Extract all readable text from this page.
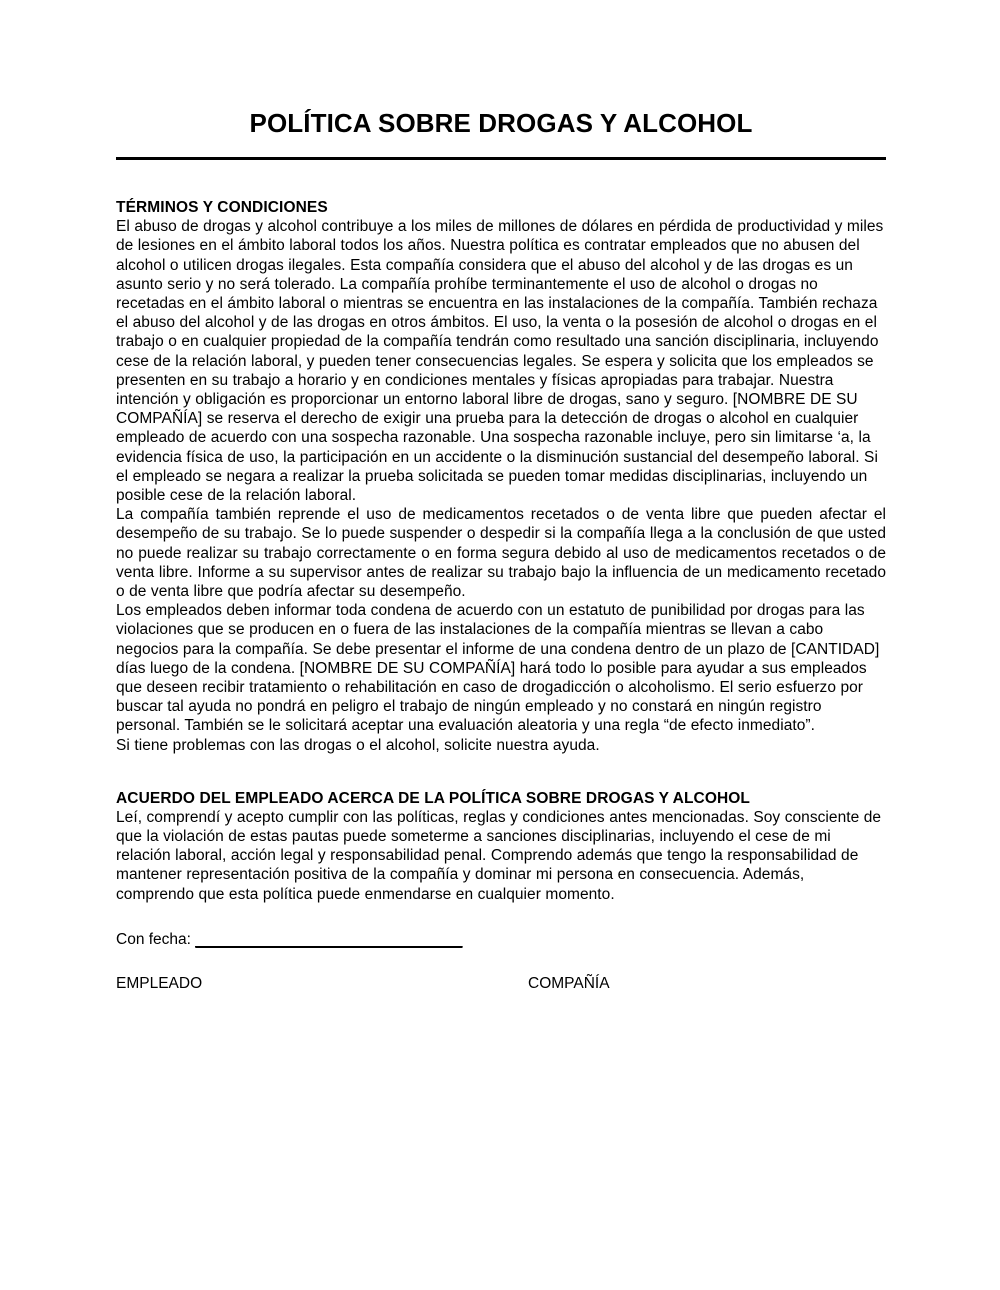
POLÍTICA SOBRE DROGAS Y ALCOHOL
TÉRMINOS Y CONDICIONES

El abuso de drogas y alcohol contribuye a los miles de millones de dólares en pérdida de productividad y miles de lesiones en el ámbito laboral todos los años. Nuestra política es contratar empleados que no abusen del alcohol o utilicen drogas ilegales. Esta compañía considera que el abuso del alcohol y de las drogas es un asunto serio y no será tolerado. La compañía prohíbe terminantemente el uso de alcohol o drogas no recetadas en el ámbito laboral o mientras se encuentra en las instalaciones de la compañía. También rechaza el abuso del alcohol y de las drogas en otros ámbitos. El uso, la venta o la posesión de alcohol o drogas en el trabajo o en cualquier propiedad de la compañía tendrán como resultado una sanción disciplinaria, incluyendo cese de la relación laboral, y pueden tener consecuencias legales. Se espera y solicita que los empleados se presenten en su trabajo a horario y en condiciones mentales y físicas apropiadas para trabajar. Nuestra intención y obligación es proporcionar un entorno laboral libre de drogas, sano y seguro. [NOMBRE DE SU COMPAÑÍA] se reserva el derecho de exigir una prueba para la detección de drogas o alcohol en cualquier empleado de acuerdo con una sospecha razonable. Una sospecha razonable incluye, pero sin limitarse ‘a, la evidencia física de uso, la participación en un accidente o la disminución sustancial del desempeño laboral. Si el empleado se negara a realizar la prueba solicitada se pueden tomar medidas disciplinarias, incluyendo un posible cese de la relación laboral.

La compañía también reprende el uso de medicamentos recetados o de venta libre que pueden afectar el desempeño de su trabajo. Se lo puede suspender o despedir si la compañía llega a la conclusión de que usted no puede realizar su trabajo correctamente o en forma segura debido al uso de medicamentos recetados o de venta libre. Informe a su supervisor antes de realizar su trabajo bajo la influencia de un medicamento recetado o de venta libre que podría afectar su desempeño.

Los empleados deben informar toda condena de acuerdo con un estatuto de punibilidad por drogas para las violaciones que se producen en o fuera de las instalaciones de la compañía mientras se llevan a cabo negocios para la compañía. Se debe presentar el informe de una condena dentro de un plazo de [CANTIDAD] días luego de la condena. [NOMBRE DE SU COMPAÑÍA] hará todo lo posible para ayudar a sus empleados que deseen recibir tratamiento o rehabilitación en caso de drogadicción o alcoholismo. El serio esfuerzo por buscar tal ayuda no pondrá en peligro el trabajo de ningún empleado y no constará en ningún registro personal. También se le solicitará aceptar una evaluación aleatoria y una regla “de efecto inmediato”.

Si tiene problemas con las drogas o el alcohol, solicite nuestra ayuda.

ACUERDO DEL EMPLEADO ACERCA DE LA POLÍTICA SOBRE DROGAS Y ALCOHOL

Leí, comprendí y acepto cumplir con las políticas, reglas y condiciones antes mencionadas. Soy consciente de que la violación de estas pautas puede someterme a sanciones disciplinarias, incluyendo el cese de mi relación laboral, acción legal y responsabilidad penal. Comprendo además que tengo la responsabilidad de mantener representación positiva de la compañía y dominar mi persona en consecuencia. Además, comprendo que esta política puede enmendarse en cualquier momento.

Con fecha: _______________________________
EMPLEADO	COMPAÑÍA
